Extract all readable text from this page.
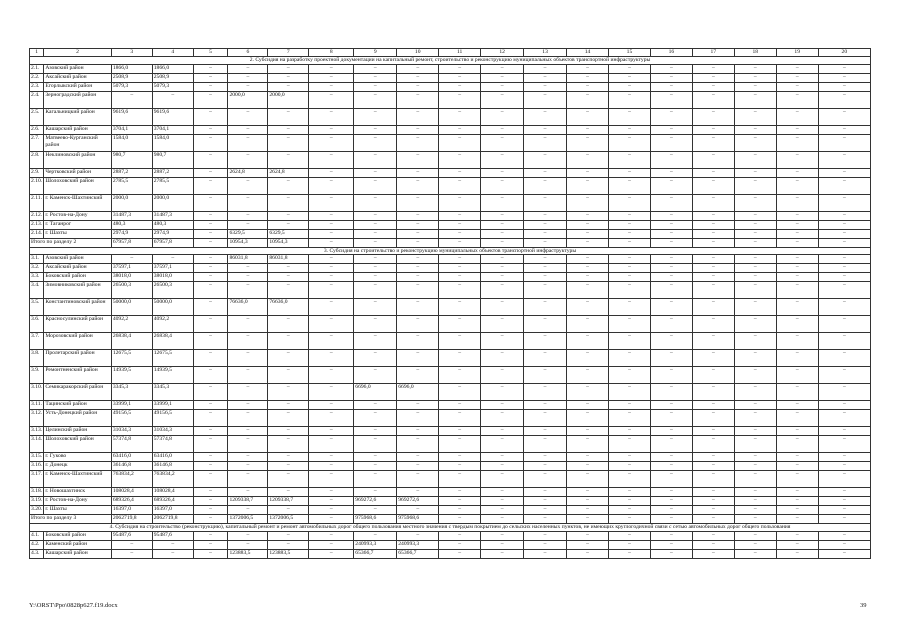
1	2	3	4	5	6	7	8	9	10	11	12	13	14	15	16	17	18	19	20
2. Субсидия на разработку проектной документации на капитальный ремонт, строительство и реконструкцию муниципальных объектов транспортной инфраструктуры																			
2.1.	Азовский район	1866,0	1866,0	–	–	–	–	–	–	–	–	–	–	–	–	–	–	–	–
2.2.	Аксайский район	2508,9	2508,9	–	–	–	–	–	–	–	–	–	–	–	–	–	–	–	–
2.3.	Егорлыкский район	5079,3	5079,3	–	–	–	–	–	–	–	–	–	–	–	–	–	–	–	–
2.4.	Зерноградский район	–	–	–	2000,0	2000,0	–	–	–	–	–	–	–	–	–	–	–	–	–
2.5.	Кагальницкий район	9619,6	9619,6	–	–	–	–	–	–	–	–	–	–	–	–	–	–	–	–
2.6.	Кашарский район	3704,1	3704,1	–	–	–	–	–	–	–	–	–	–	–	–	–	–	–	–
2.7.	Матвеево-Курганский район	1584,0	1584,0	–	–	–	–	–	–	–	–	–	–	–	–	–	–	–	–
2.8.	Неклиновский район	980,7	980,7	–	–	–	–	–	–	–	–	–	–	–	–	–	–	–	–
2.9.	Чертковский район	2887,2	2887,2	–	2624,8	2624,8	–	–	–	–	–	–	–	–	–	–	–	–	–
2.10.	Шолоховский район	2785,5	2785,5	–	–	–	–	–	–	–	–	–	–	–	–	–	–	–	–
2.11.	г. Каменск-Шахтинский	2000,0	2000,0	–	–	–	–	–	–	–	–	–	–	–	–	–	–	–	–
2.12.	г. Ростов-на-Дону	31487,3	31487,3	–	–	–	–	–	–	–	–	–	–	–	–	–	–	–	–
2.13.	г. Таганрог	480,3	480,3	–	–	–	–	–	–	–	–	–	–	–	–	–	–	–	–
2.14.	г. Шахты	2974,9	2974,9	–	6329,5	6329,5	–	–	–	–	–	–	–	–	–	–	–	–	–
Итого по разделу 2		67957,8	67957,8	–	10954,3	10954,3	–	–	–	–	–	–	–	–	–	–	–	–	–
3. Субсидия на строительство и реконструкцию муниципальных объектов транспортной инфраструктуры																			
3.1.	Азовский район	–	–	–	86031,8	86031,8	–	–	–	–	–	–	–	–	–	–	–	–	–
3.2.	Аксайский район	37597,1	37597,1	–	–	–	–	–	–	–	–	–	–	–	–	–	–	–	–
3.3.	Боковский район	38018,0	38018,0	–	–	–	–	–	–	–	–	–	–	–	–	–	–	–	–
3.4.	Зимовниковский район	26500,3	26500,3	–	–	–	–	–	–	–	–	–	–	–	–	–	–	–	–
3.5.	Константиновский район	50000,0	50000,0	–	76636,0	76636,0	–	–	–	–	–	–	–	–	–	–	–	–	–
3.6.	Красносулинский район	4092,2	4092,2	–	–	–	–	–	–	–	–	–	–	–	–	–	–	–	–
3.7.	Морозовский район	26838,4	26838,4	–	–	–	–	–	–	–	–	–	–	–	–	–	–	–	–
3.8.	Пролетарский район	12675,5	12675,5	–	–	–	–	–	–	–	–	–	–	–	–	–	–	–	–
3.9.	Ремонтненский район	14939,5	14939,5	–	–	–	–	–	–	–	–	–	–	–	–	–	–	–	–
3.10.	Семикаракорский район	3345,3	3345,3	–	–	–	–	6696,0	6696,0	–	–	–	–	–	–	–	–	–	–
3.11.	Тацинский район	33999,1	33999,1	–	–	–	–	–	–	–	–	–	–	–	–	–	–	–	–
3.12.	Усть-Донецкий район	49156,5	49156,5	–	–	–	–	–	–	–	–	–	–	–	–	–	–	–	–
3.13.	Целинский район	31034,3	31034,3	–	–	–	–	–	–	–	–	–	–	–	–	–	–	–	–
3.14.	Шолоховский район	57374,8	57374,8	–	–	–	–	–	–	–	–	–	–	–	–	–	–	–	–
3.15.	г. Гуково	63416,0	63416,0	–	–	–	–	–	–	–	–	–	–	–	–	–	–	–	–
3.16.	г. Донецк	36146,8	36146,8	–	–	–	–	–	–	–	–	–	–	–	–	–	–	–	–
3.17.	г. Каменск-Шахтинский	763834,2	763834,2	–	–	–	–	–	–	–	–	–	–	–	–	–	–	–	–
3.18.	г. Новошахтинск	108028,4	108028,4	–	–	–	–	–	–	–	–	–	–	–	–	–	–	–	–
3.19.	г. Ростов-на-Дону	689326,4	689326,4	–	1209338,7	1209338,7	–	969272,6	969272,6	–	–	–	–	–	–	–	–	–	–
3.20.	г. Шахты	16397,0	16397,0	–	–	–	–	–	–	–	–	–	–	–	–	–	–	–	–
Итого по разделу 3		2062719,8	2062719,8	–	1372006,5	1372006,5	–	975968,6	975968,6	–	–	–	–	–	–	–	–	–	–
4. Субсидия на строительство (реконструкцию), капитальный ремонт и ремонт автомобильных дорог общего пользования местного значения с твердым покрытием до сельских населенных пунктов, не имеющих круглогодичной связи с сетью автомобильных дорог общего пользования																			
4.1.	Боковский район	95487,6	95487,6	–	–	–	–	–	–	–	–	–	–	–	–	–	–	–	–
4.2.	Каменский район	–	–	–	–	–	–	240993,3	240993,3	–	–	–	–	–	–	–	–	–	–
4.3.	Кашарский район	–	–	–	123883,5	123883,5	–	65366,7	65366,7	–	–	–	–	–	–	–	–	–	–
Y:\ORST\Ppo\0828p627.f19.docx	39
